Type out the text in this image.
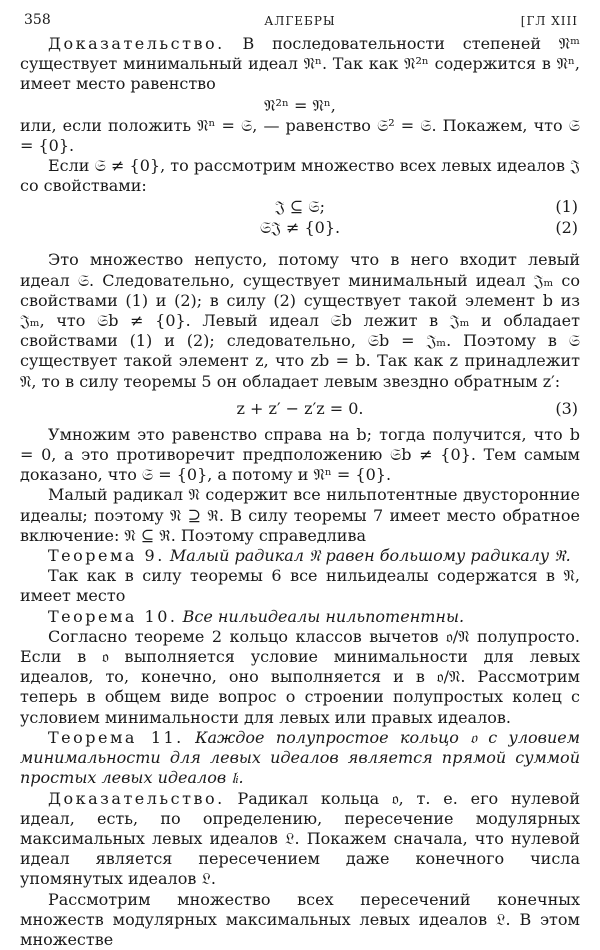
358	АЛГЕБРЫ	[ГЛ XIII

Доказательство. В последовательности степеней 𝔑ᵐ существует минимальный идеал 𝔑ⁿ. Так как 𝔑²ⁿ содержится в 𝔑ⁿ, имеет место равенство

𝔑²ⁿ = 𝔑ⁿ,

или, если положить 𝔑ⁿ = 𝔖, — равенство 𝔖² = 𝔖. Покажем, что 𝔖 = {0}.

Если 𝔖 ≠ {0}, то рассмотрим множество всех левых идеалов 𝔍 со свойствами:

𝔍 ⊆ 𝔖;	(1)
𝔖𝔍 ≠ {0}.	(2)

Это множество непусто, потому что в него входит левый идеал 𝔖. Следовательно, существует минимальный идеал 𝔍ₘ со свойствами (1) и (2); в силу (2) существует такой элемент b из 𝔍ₘ, что 𝔖b ≠ {0}. Левый идеал 𝔖b лежит в 𝔍ₘ и обладает свойствами (1) и (2); следовательно, 𝔖b = 𝔍ₘ. Поэтому в 𝔖 существует такой элемент z, что zb = b. Так как z принадлежит 𝔑, то в силу теоремы 5 он обладает левым звездно обратным z′:

z + z′ − z′z = 0.	(3)

Умножим это равенство справа на b; тогда получится, что b = 0, а это противоречит предположению 𝔖b ≠ {0}. Тем самым доказано, что 𝔖 = {0}, а потому и 𝔑ⁿ = {0}.

Малый радикал 𝔑 содержит все нильпотентные двусторонние идеалы; поэтому 𝔑 ⊇ ℜ. В силу теоремы 7 имеет место обратное включение: 𝔑 ⊆ ℜ. Поэтому справедлива

Теорема 9. Малый радикал 𝔑 равен большому радикалу ℜ.

Так как в силу теоремы 6 все нильидеалы содержатся в 𝔑, имеет место

Теорема 10. Все нильидеалы нильпотентны.

Согласно теореме 2 кольцо классов вычетов 𝔬/𝔑 полупросто. Если в 𝔬 выполняется условие минимальности для левых идеалов, то, конечно, оно выполняется и в 𝔬/𝔑. Рассмотрим теперь в общем виде вопрос о строении полупростых колец с условием минимальности для левых или правых идеалов.

Теорема 11. Каждое полупростое кольцо 𝔬 с уловием минимальности для левых идеалов является прямой суммой простых левых идеалов 𝔩ᵢ.

Доказательство. Радикал кольца 𝔬, т. е. его нулевой идеал, есть, по определению, пересечение модулярных максимальных левых идеалов 𝔏. Покажем сначала, что нулевой идеал является пересечением даже конечного числа упомянутых идеалов 𝔏.

Рассмотрим множество всех пересечений конечных множеств модулярных максимальных левых идеалов 𝔏. В этом множестве
